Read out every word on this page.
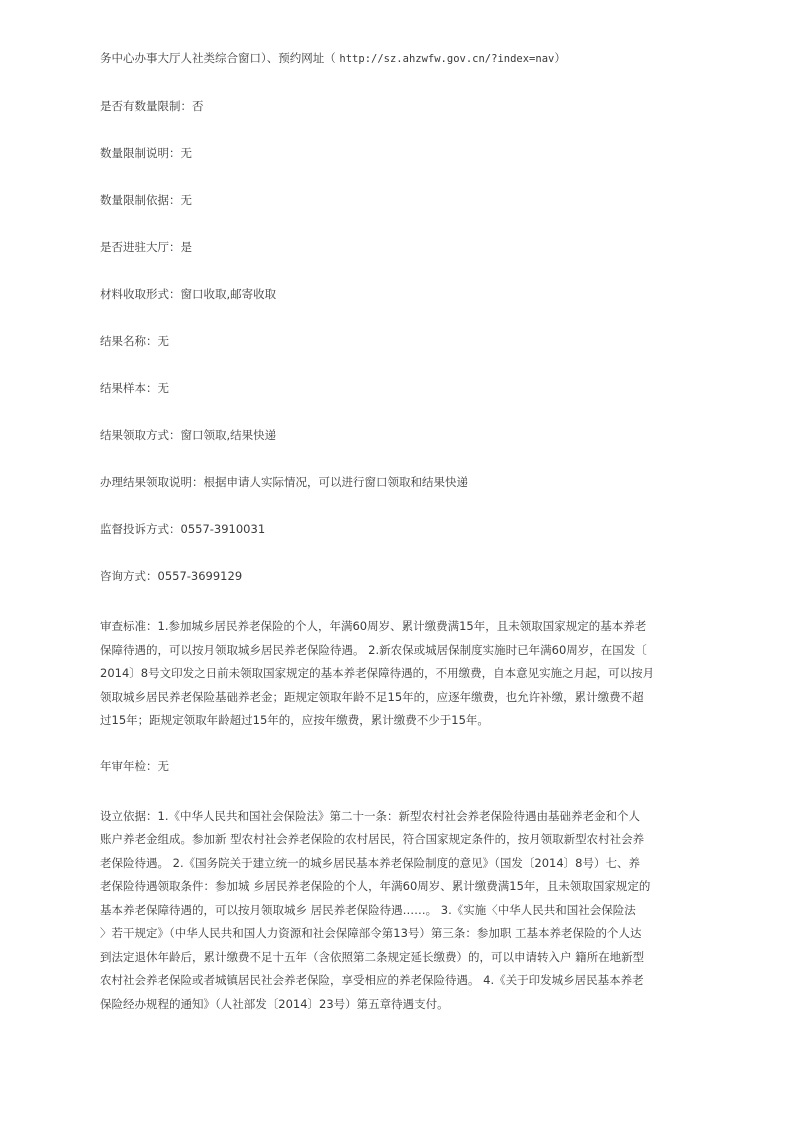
务中心办事大厅人社类综合窗口）、预约网址（ http://sz.ahzwfw.gov.cn/?index=nav）
是否有数量限制：否
数量限制说明：无
数量限制依据：无
是否进驻大厅：是
材料收取形式：窗口收取,邮寄收取
结果名称：无
结果样本：无
结果领取方式：窗口领取,结果快递
办理结果领取说明：根据申请人实际情况，可以进行窗口领取和结果快递
监督投诉方式：0557-3910031
咨询方式：0557-3699129
审查标准：1.参加城乡居民养老保险的个人，年满60周岁、累计缴费满15年，且未领取国家规定的基本养老
保障待遇的，可以按月领取城乡居民养老保险待遇。 2.新农保或城居保制度实施时已年满60周岁，在国发〔
2014〕8号文印发之日前未领取国家规定的基本养老保障待遇的，不用缴费，自本意见实施之月起，可以按月
领取城乡居民养老保险基础养老金；距规定领取年龄不足15年的，应逐年缴费，也允许补缴，累计缴费不超
过15年；距规定领取年龄超过15年的，应按年缴费，累计缴费不少于15年。
年审年检：无
设立依据：1.《中华人民共和国社会保险法》第二十一条：新型农村社会养老保险待遇由基础养老金和个人
账户养老金组成。参加新 型农村社会养老保险的农村居民，符合国家规定条件的，按月领取新型农村社会养
老保险待遇。 2.《国务院关于建立统一的城乡居民基本养老保险制度的意见》（国发〔2014〕8号）七、养
老保险待遇领取条件：参加城 乡居民养老保险的个人，年满60周岁、累计缴费满15年，且未领取国家规定的
基本养老保障待遇的，可以按月领取城乡 居民养老保险待遇……。 3.《实施〈中华人民共和国社会保险法
〉若干规定》（中华人民共和国人力资源和社会保障部令第13号）第三条：参加职 工基本养老保险的个人达
到法定退休年龄后，累计缴费不足十五年（含依照第二条规定延长缴费）的，可以申请转入户 籍所在地新型
农村社会养老保险或者城镇居民社会养老保险，享受相应的养老保险待遇。 4.《关于印发城乡居民基本养老
保险经办规程的通知》（人社部发〔2014〕23号）第五章待遇支付。
